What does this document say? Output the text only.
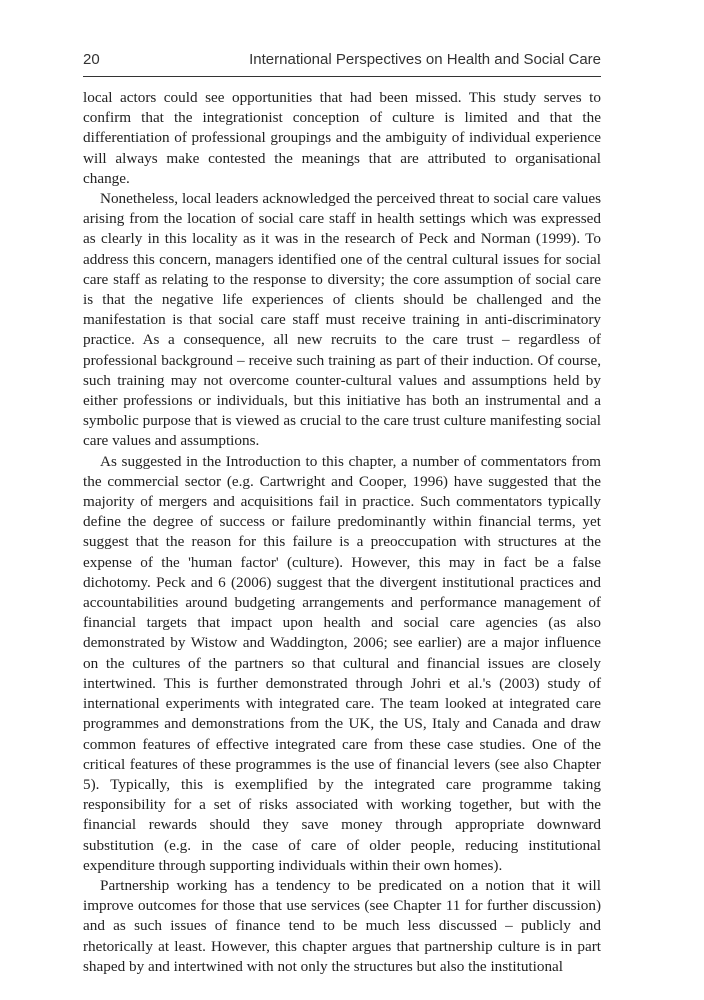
20	International Perspectives on Health and Social Care

local actors could see opportunities that had been missed. This study serves to confirm that the integrationist conception of culture is limited and that the differentiation of professional groupings and the ambiguity of individual experience will always make contested the meanings that are attributed to organisational change.

Nonetheless, local leaders acknowledged the perceived threat to social care values arising from the location of social care staff in health settings which was expressed as clearly in this locality as it was in the research of Peck and Norman (1999). To address this concern, managers identified one of the central cultural issues for social care staff as relating to the response to diversity; the core assumption of social care is that the negative life experiences of clients should be challenged and the manifestation is that social care staff must receive training in anti-discriminatory practice. As a consequence, all new recruits to the care trust – regardless of professional background – receive such training as part of their induction. Of course, such training may not overcome counter-cultural values and assumptions held by either professions or individuals, but this initiative has both an instrumental and a symbolic purpose that is viewed as crucial to the care trust culture manifesting social care values and assumptions.

As suggested in the Introduction to this chapter, a number of commentators from the commercial sector (e.g. Cartwright and Cooper, 1996) have suggested that the majority of mergers and acquisitions fail in practice. Such commentators typically define the degree of success or failure predominantly within financial terms, yet suggest that the reason for this failure is a preoccupation with structures at the expense of the 'human factor' (culture). However, this may in fact be a false dichotomy. Peck and 6 (2006) suggest that the divergent institutional practices and accountabilities around budgeting arrangements and performance management of financial targets that impact upon health and social care agencies (as also demonstrated by Wistow and Waddington, 2006; see earlier) are a major influence on the cultures of the partners so that cultural and financial issues are closely intertwined. This is further demonstrated through Johri et al.'s (2003) study of international experiments with integrated care. The team looked at integrated care programmes and demonstrations from the UK, the US, Italy and Canada and draw common features of effective integrated care from these case studies. One of the critical features of these programmes is the use of financial levers (see also Chapter 5). Typically, this is exemplified by the integrated care programme taking responsibility for a set of risks associated with working together, but with the financial rewards should they save money through appropriate downward substitution (e.g. in the case of care of older people, reducing institutional expenditure through supporting individuals within their own homes).

Partnership working has a tendency to be predicated on a notion that it will improve outcomes for those that use services (see Chapter 11 for further discussion) and as such issues of finance tend to be much less discussed – publicly and rhetorically at least. However, this chapter argues that partnership culture is in part shaped by and intertwined with not only the structures but also the institutional
